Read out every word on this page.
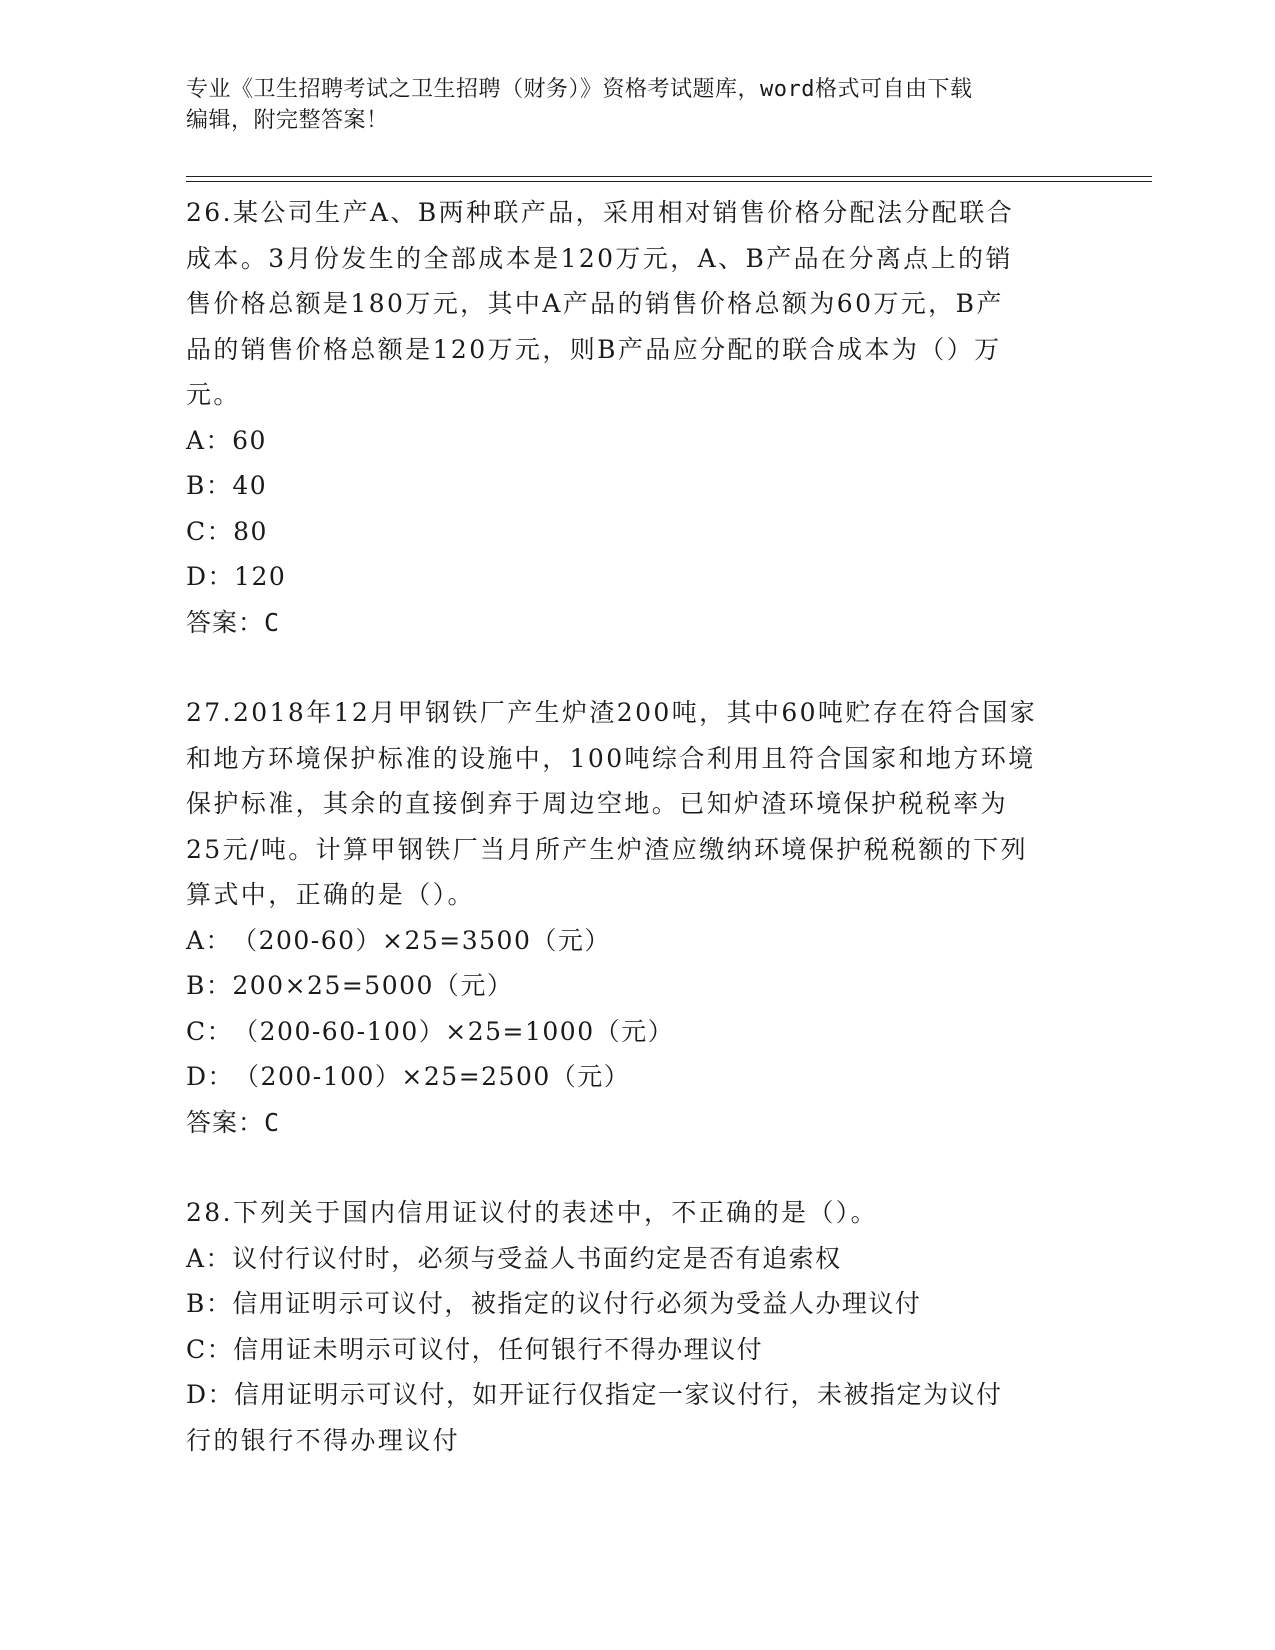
专业《卫生招聘考试之卫生招聘（财务）》资格考试题库，word格式可自由下载
编辑，附完整答案！

26.某公司生产A、B两种联产品，采用相对销售价格分配法分配联合

成本。3月份发生的全部成本是120万元，A、B产品在分离点上的销

售价格总额是180万元，其中A产品的销售价格总额为60万元，B产

品的销售价格总额是120万元，则B产品应分配的联合成本为（）万

元。

A：60

B：40

C：80

D：120

答案：C

27.2018年12月甲钢铁厂产生炉渣200吨，其中60吨贮存在符合国家

和地方环境保护标准的设施中，100吨综合利用且符合国家和地方环境

保护标准，其余的直接倒弃于周边空地。已知炉渣环境保护税税率为

25元/吨。计算甲钢铁厂当月所产生炉渣应缴纳环境保护税税额的下列

算式中，正确的是（）。

A：（200-60）×25=3500（元）

B：200×25=5000（元）

C：（200-60-100）×25=1000（元）

D：（200-100）×25=2500（元）

答案：C

28.下列关于国内信用证议付的表述中，不正确的是（）。

A：议付行议付时，必须与受益人书面约定是否有追索权

B：信用证明示可议付，被指定的议付行必须为受益人办理议付

C：信用证未明示可议付，任何银行不得办理议付

D：信用证明示可议付，如开证行仅指定一家议付行，未被指定为议付

行的银行不得办理议付
